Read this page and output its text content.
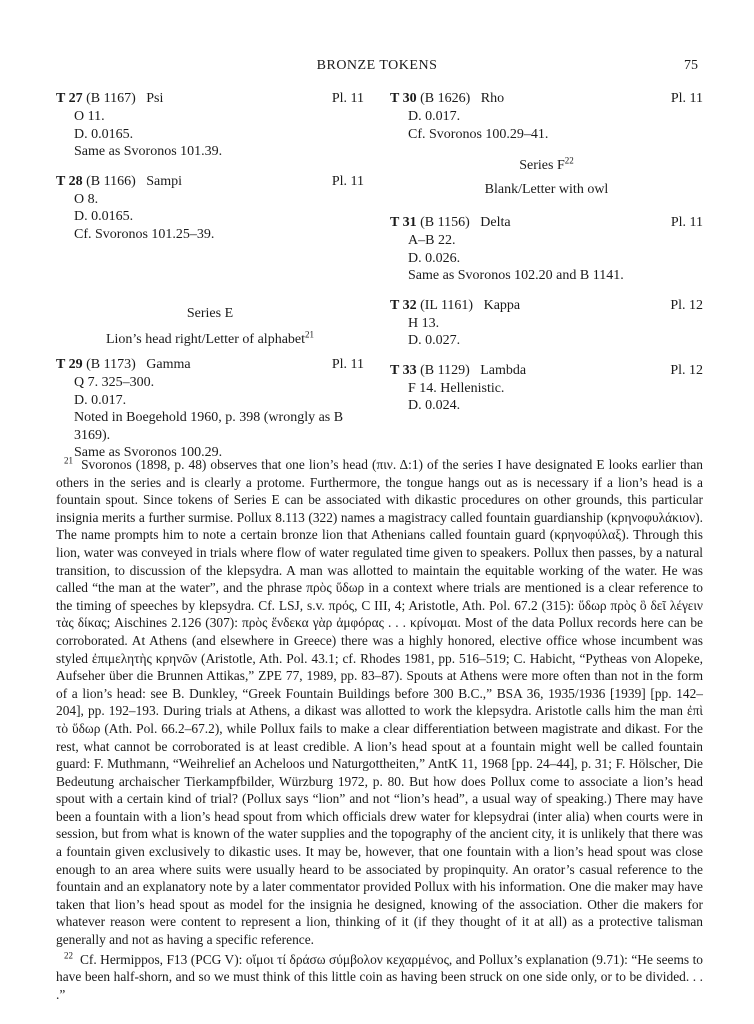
BRONZE TOKENS	75
T 27 (B 1167) Psi	Pl. 11
O 11.
D. 0.0165.
Same as Svoronos 101.39.
T 28 (B 1166) Sampi	Pl. 11
O 8.
D. 0.0165.
Cf. Svoronos 101.25–39.
Series E
Lion’s head right/Letter of alphabet$^{21}$
T 29 (B 1173) Gamma	Pl. 11
Q 7. 325–300.
D. 0.017.
Noted in Boegehold 1960, p. 398 (wrongly as B 3169).
Same as Svoronos 100.29.
T 30 (B 1626) Rho	Pl. 11
D. 0.017.
Cf. Svoronos 100.29–41.
Series $F^{22}$
Blank/Letter with owl
T 31 (B 1156) Delta	Pl. 11
A–B 22.
D. 0.026.
Same as Svoronos 102.20 and B 1141.
T 32 (IL 1161) Kappa	Pl. 12
H 13.
D. 0.027.
T 33 (B 1129) Lambda	Pl. 12
F 14. Hellenistic.
D. 0.024.

$^{21}$ Svoronos (1898, p. 48) observes that one lion’s head (πιν. Δ:1) of the series I have designated E looks earlier than others in the series and is clearly a protome. Furthermore, the tongue hangs out as is necessary if a lion’s head is a fountain spout. Since tokens of Series E can be associated with dikastic procedures on other grounds, this particular insignia merits a further surmise. Pollux 8.113 (322) names a magistracy called fountain guardianship (κρηνοφυλάκιον). The name prompts him to note a certain bronze lion that Athenians called fountain guard (κρηνοφύλαξ). Through this lion, water was conveyed in trials where flow of water regulated time given to speakers. Pollux then passes, by a natural transition, to discussion of the klepsydra. A man was allotted to maintain the equitable working of the water. He was called “the man at the water”, and the phrase πρὸς ὕδωρ in a context where trials are mentioned is a clear reference to the timing of speeches by klepsydra. Cf. LSJ, s.v. πρός, C III, 4; Aristotle, Ath. Pol. 67.2 (315): ὕδωρ πρὸς ὃ δεῖ λέγειν τὰς δίκας; Aischines 2.126 (307): πρὸς ἕνδεκα γὰρ ἀμφόρας . . . κρίνομαι. Most of the data Pollux records here can be corroborated. At Athens (and elsewhere in Greece) there was a highly honored, elective office whose incumbent was styled ἐπιμελητὴς κρηνῶν (Aristotle, Ath. Pol. 43.1; cf. Rhodes 1981, pp. 516–519; C. Habicht, “Pytheas von Alopeke, Aufseher über die Brunnen Attikas,” ZPE 77, 1989, pp. 83–87). Spouts at Athens were more often than not in the form of a lion’s head: see B. Dunkley, “Greek Fountain Buildings before 300 B.C.,” BSA 36, 1935/1936 [1939] [pp. 142–204], pp. 192–193. During trials at Athens, a dikast was allotted to work the klepsydra. Aristotle calls him the man ἐπὶ τὸ ὕδωρ (Ath. Pol. 66.2–67.2), while Pollux fails to make a clear differentiation between magistrate and dikast. For the rest, what cannot be corroborated is at least credible. A lion’s head spout at a fountain might well be called fountain guard: F. Muthmann, “Weihrelief an Acheloos und Naturgottheiten,” AntK 11, 1968 [pp. 24–44], p. 31; F. Hölscher, Die Bedeutung archaischer Tierkampfbilder, Würzburg 1972, p. 80. But how does Pollux come to associate a lion’s head spout with a certain kind of trial? (Pollux says “lion” and not “lion’s head”, a usual way of speaking.) There may have been a fountain with a lion’s head spout from which officials drew water for klepsydrai (inter alia) when courts were in session, but from what is known of the water supplies and the topography of the ancient city, it is unlikely that there was a fountain given exclusively to dikastic uses. It may be, however, that one fountain with a lion’s head spout was close enough to an area where suits were usually heard to be associated by propinquity. An orator’s casual reference to the fountain and an explanatory note by a later commentator provided Pollux with his information. One die maker may have taken that lion’s head spout as model for the insignia he designed, knowing of the association. Other die makers for whatever reason were content to represent a lion, thinking of it (if they thought of it at all) as a protective talisman generally and not as having a specific reference.

$^{22}$ Cf. Hermippos, F13 (PCG V): οἴμοι τί δράσω σύμβολον κεχαρμένος, and Pollux’s explanation (9.71): “He seems to have been half-shorn, and so we must think of this little coin as having been struck on one side only, or to be divided. . . .”
